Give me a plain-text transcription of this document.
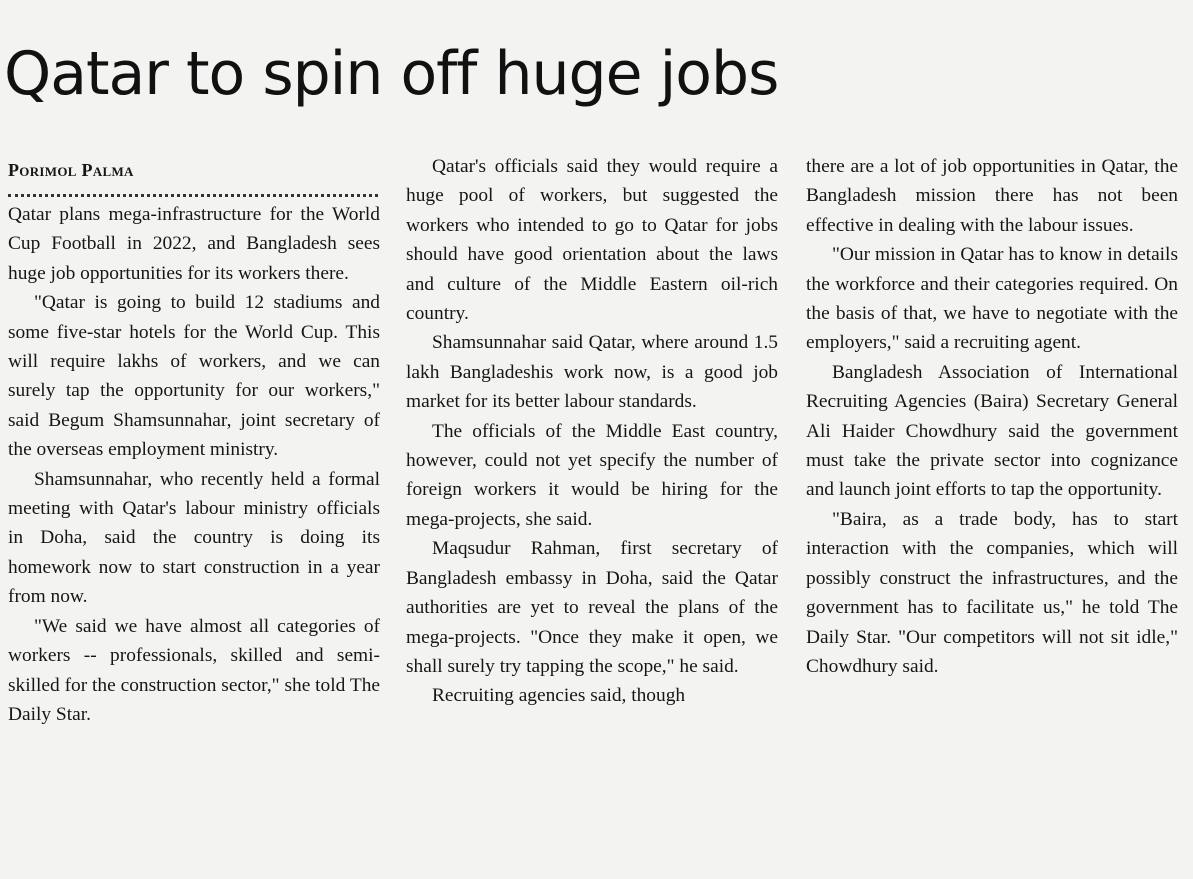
Qatar to spin off huge jobs
Porimol Palma

Qatar plans mega-infrastructure for the World Cup Football in 2022, and Bangladesh sees huge job opportunities for its workers there.

"Qatar is going to build 12 stadiums and some five-star hotels for the World Cup. This will require lakhs of workers, and we can surely tap the opportunity for our workers," said Begum Shamsunnahar, joint secretary of the overseas employment ministry.

Shamsunnahar, who recently held a formal meeting with Qatar's labour ministry officials in Doha, said the country is doing its homework now to start construction in a year from now.

"We said we have almost all categories of workers -- professionals, skilled and semi-skilled for the construction sector," she told The Daily Star.

Qatar's officials said they would require a huge pool of workers, but suggested the workers who intended to go to Qatar for jobs should have good orientation about the laws and culture of the Middle Eastern oil-rich country.

Shamsunnahar said Qatar, where around 1.5 lakh Bangladeshis work now, is a good job market for its better labour standards.

The officials of the Middle East country, however, could not yet specify the number of foreign workers it would be hiring for the mega-projects, she said.

Maqsudur Rahman, first secretary of Bangladesh embassy in Doha, said the Qatar authorities are yet to reveal the plans of the mega-projects. "Once they make it open, we shall surely try tapping the scope," he said.

Recruiting agencies said, though

there are a lot of job opportunities in Qatar, the Bangladesh mission there has not been effective in dealing with the labour issues.

"Our mission in Qatar has to know in details the workforce and their categories required. On the basis of that, we have to negotiate with the employers," said a recruiting agent.

Bangladesh Association of International Recruiting Agencies (Baira) Secretary General Ali Haider Chowdhury said the government must take the private sector into cognizance and launch joint efforts to tap the opportunity.

"Baira, as a trade body, has to start interaction with the companies, which will possibly construct the infrastructures, and the government has to facilitate us," he told The Daily Star. "Our competitors will not sit idle," Chowdhury said.
